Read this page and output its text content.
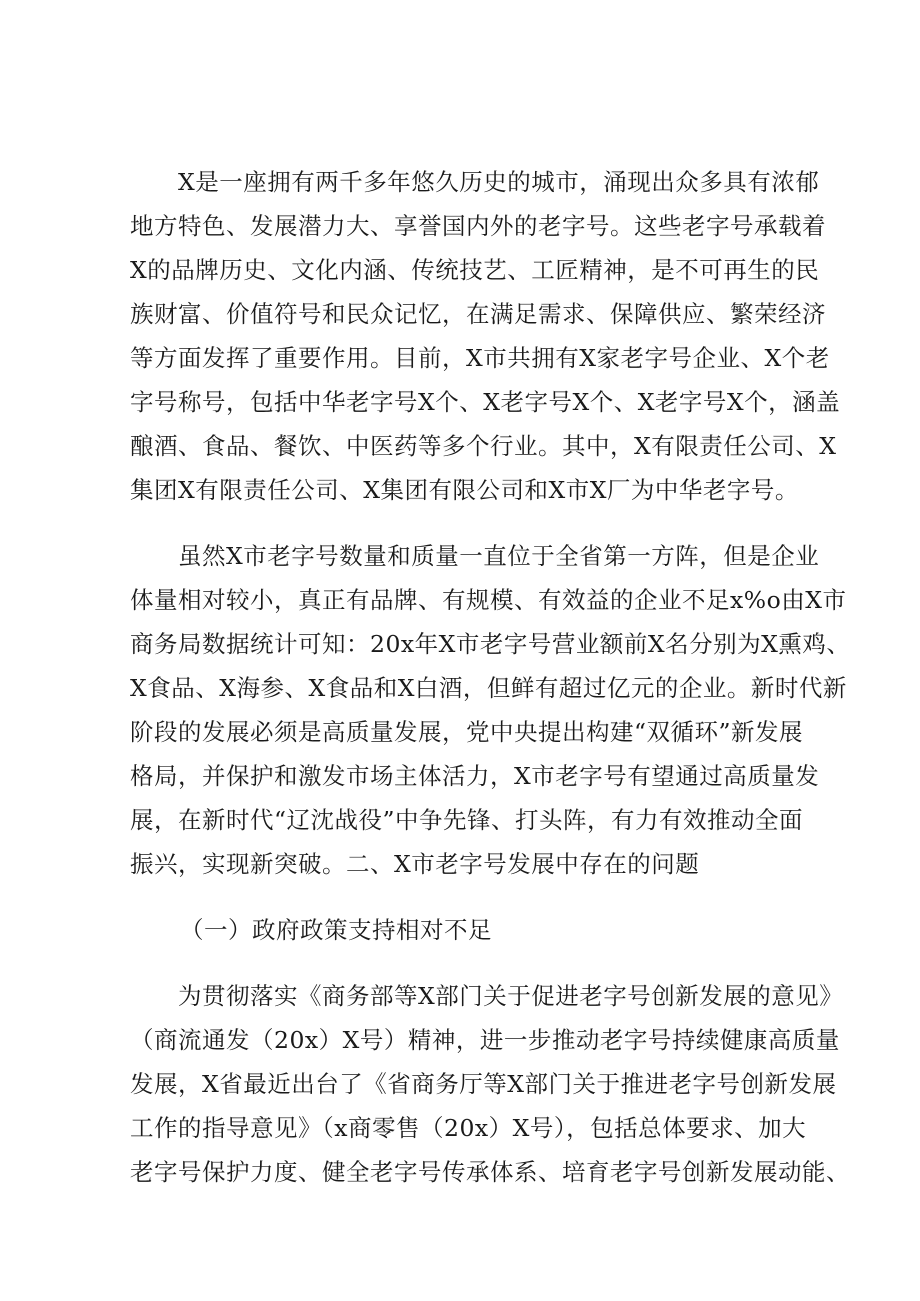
　　X是一座拥有两千多年悠久历史的城市，涌现出众多具有浓郁
地方特色、发展潜力大、享誉国内外的老字号。这些老字号承载着
X的品牌历史、文化内涵、传统技艺、工匠精神，是不可再生的民
族财富、价值符号和民众记忆，在满足需求、保障供应、繁荣经济
等方面发挥了重要作用。目前，X市共拥有X家老字号企业、X个老
字号称号，包括中华老字号X个、X老字号X个、X老字号X个，涵盖
酿酒、食品、餐饮、中医药等多个行业。其中，X有限责任公司、X
集团X有限责任公司、X集团有限公司和X市X厂为中华老字号。
　　虽然X市老字号数量和质量一直位于全省第一方阵，但是企业
体量相对较小，真正有品牌、有规模、有效益的企业不足x%o由X市
商务局数据统计可知：20x年X市老字号营业额前X名分别为X熏鸡、
X食品、X海参、X食品和X白酒，但鲜有超过亿元的企业。新时代新
阶段的发展必须是高质量发展，党中央提出构建“双循环”新发展
格局，并保护和激发市场主体活力，X市老字号有望通过高质量发
展，在新时代“辽沈战役”中争先锋、打头阵，有力有效推动全面
振兴，实现新突破。二、X市老字号发展中存在的问题
（一）政府政策支持相对不足
　　为贯彻落实《商务部等X部门关于促进老字号创新发展的意见》
（商流通发（20x）X号）精神，进一步推动老字号持续健康高质量
发展，X省最近出台了《省商务厅等X部门关于推进老字号创新发展
工作的指导意见》（x商零售（20x）X号），包括总体要求、加大
老字号保护力度、健全老字号传承体系、培育老字号创新发展动能、
